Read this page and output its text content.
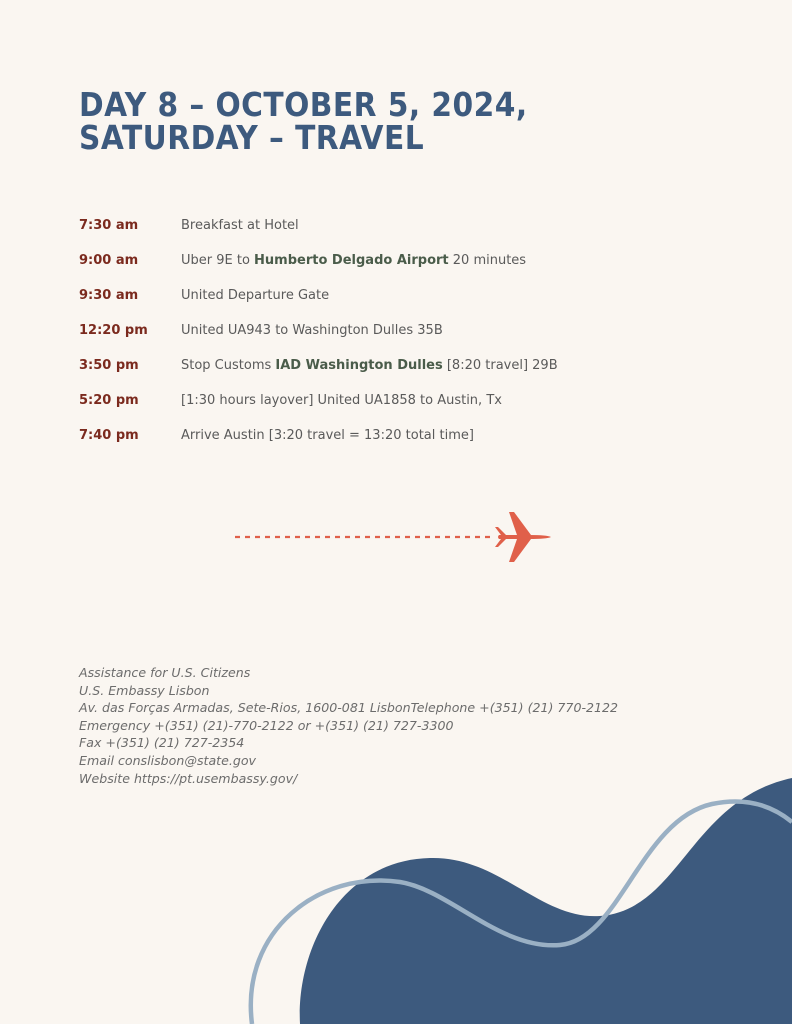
DAY 8 – OCTOBER 5, 2024, SATURDAY – TRAVEL
7:30 am	Breakfast at Hotel
9:00 am	Uber 9E to Humberto Delgado Airport 20 minutes
9:30 am	United Departure Gate
12:20 pm	United UA943 to Washington Dulles 35B
3:50 pm	Stop Customs IAD Washington Dulles [8:20 travel] 29B
5:20 pm	[1:30 hours layover] United UA1858 to Austin, Tx
7:40 pm	Arrive Austin [3:20 travel = 13:20 total time]
Assistance for U.S. Citizens
U.S. Embassy Lisbon
Av. das Forças Armadas, Sete-Rios, 1600-081 LisbonTelephone +(351) (21) 770-2122
Emergency +(351) (21)-770-2122 or +(351) (21) 727-3300
Fax +(351) (21) 727-2354
Email conslisbon@state.gov
Website https://pt.usembassy.gov/
